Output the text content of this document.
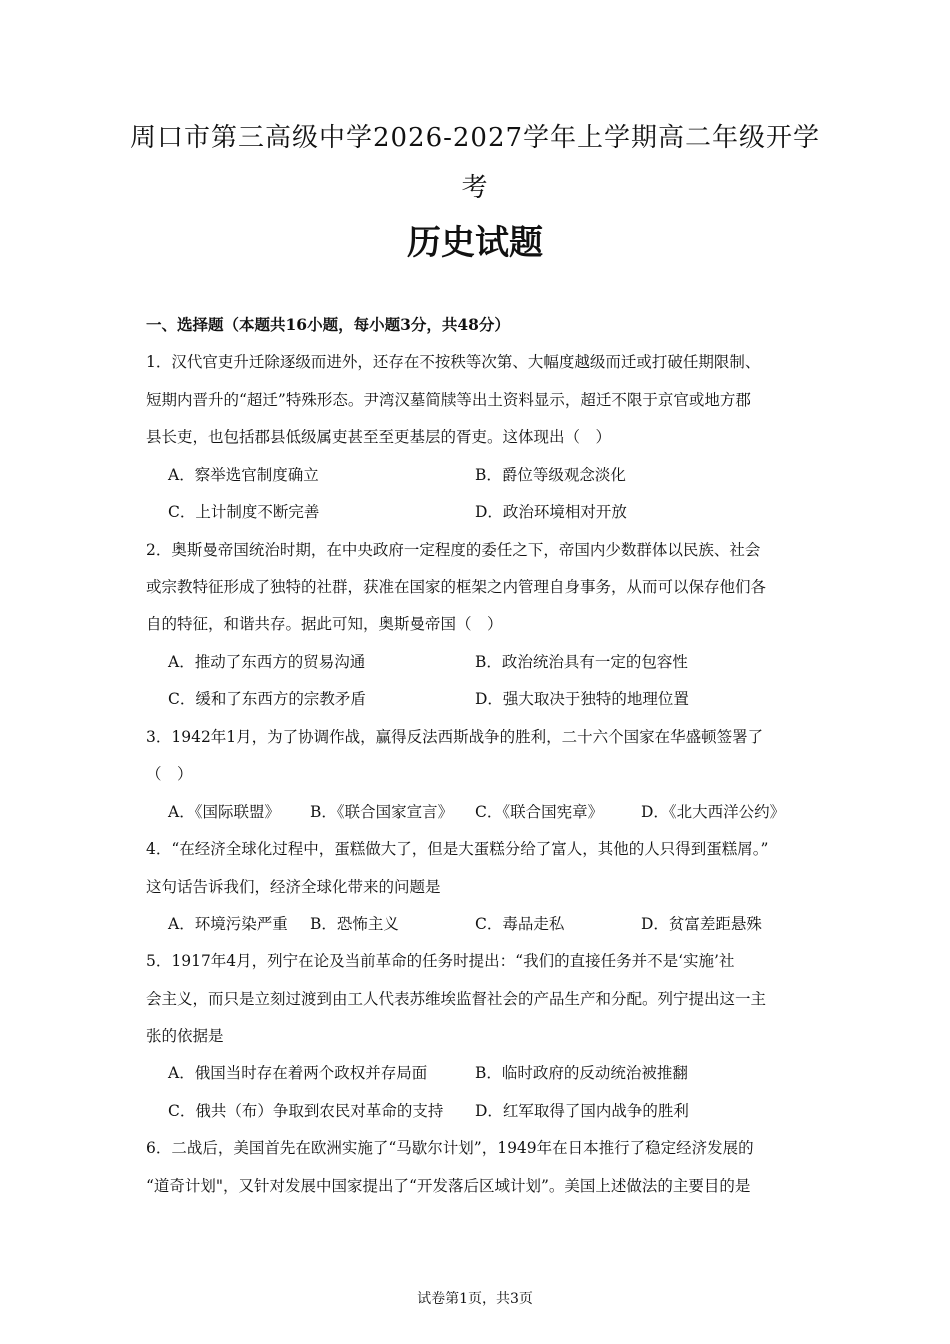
周口市第三高级中学2026-2027学年上学期高二年级开学
考
历史试题
一、选择题（本题共16小题，每小题3分，共48分）
1．汉代官吏升迁除逐级而进外，还存在不按秩等次第、大幅度越级而迁或打破任期限制、
短期内晋升的“超迁”特殊形态。尹湾汉墓简牍等出土资料显示，超迁不限于京官或地方郡
县长吏，也包括郡县低级属吏甚至至更基层的胥吏。这体现出（　）
A．察举选官制度确立	B．爵位等级观念淡化
C．上计制度不断完善	D．政治环境相对开放
2．奥斯曼帝国统治时期，在中央政府一定程度的委任之下，帝国内少数群体以民族、社会
或宗教特征形成了独特的社群，获准在国家的框架之内管理自身事务，从而可以保存他们各
自的特征，和谐共存。据此可知，奥斯曼帝国（　）
A．推动了东西方的贸易沟通	B．政治统治具有一定的包容性
C．缓和了东西方的宗教矛盾	D．强大取决于独特的地理位置
3．1942年1月，为了协调作战，赢得反法西斯战争的胜利，二十六个国家在华盛顿签署了
（　）
A．《国际联盟》 B．《联合国家宣言》 C．《联合国宪章》 D．《北大西洋公约》
4．“在经济全球化过程中，蛋糕做大了，但是大蛋糕分给了富人，其他的人只得到蛋糕屑。”
这句话告诉我们，经济全球化带来的问题是
A．环境污染严重 B．恐怖主义	C．毒品走私	D．贫富差距悬殊
5．1917年4月，列宁在论及当前革命的任务时提出：“我们的直接任务并不是‘实施’社
会主义，而只是立刻过渡到由工人代表苏维埃监督社会的产品生产和分配。列宁提出这一主
张的依据是
A．俄国当时存在着两个政权并存局面	B．临时政府的反动统治被推翻
C．俄共（布）争取到农民对革命的支持 D．红军取得了国内战争的胜利
6．二战后，美国首先在欧洲实施了“马歇尔计划”，1949年在日本推行了稳定经济发展的
“道奇计划"，又针对发展中国家提出了“开发落后区域计划”。美国上述做法的主要目的是
试卷第1页，共3页
